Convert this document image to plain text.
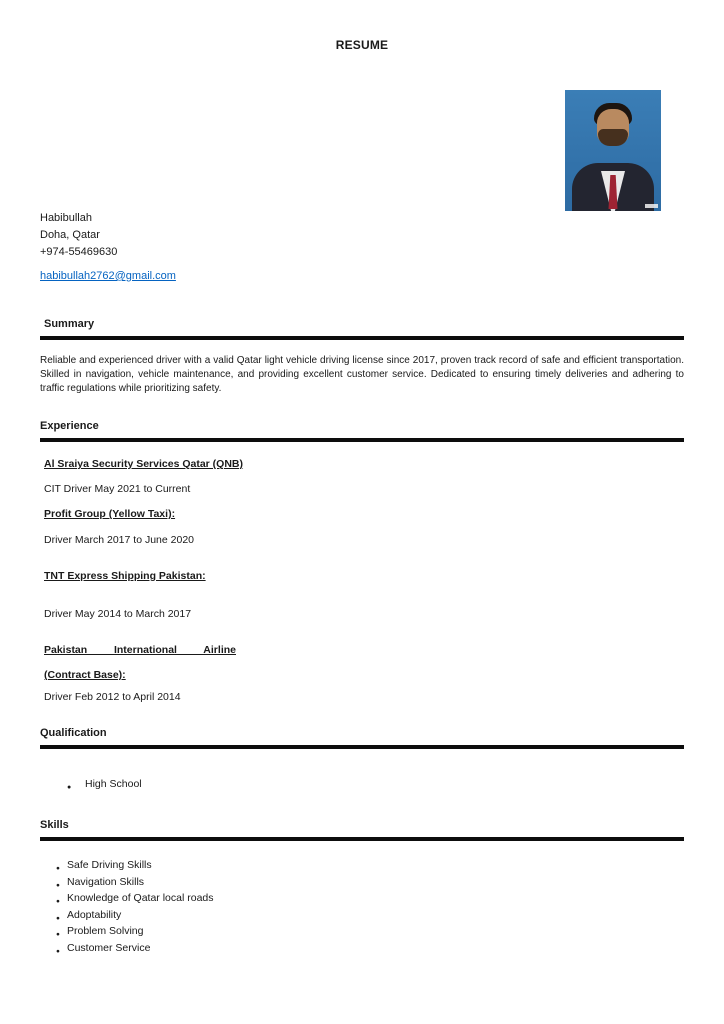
RESUME
Habibullah
Doha, Qatar
+974-55469630
habibullah2762@gmail.com
Summary

Reliable and experienced driver with a valid Qatar light vehicle driving license since 2017, proven track record of safe and efficient transportation. Skilled in navigation, vehicle maintenance, and providing excellent customer service. Dedicated to ensuring timely deliveries and adhering to traffic regulations while prioritizing safety.

Experience
Al Sraiya Security Services Qatar (QNB)
CIT Driver May 2021 to Current
Profit Group (Yellow Taxi):
Driver March 2017 to June 2020
TNT Express Shipping Pakistan:
Driver May 2014 to March 2017
Pakistan International Airline
(Contract Base):
Driver Feb 2012 to April 2014
Qualification
● High School
Skills
● Safe Driving Skills
● Navigation Skills
● Knowledge of Qatar local roads
● Adoptability
● Problem Solving
● Customer Service
